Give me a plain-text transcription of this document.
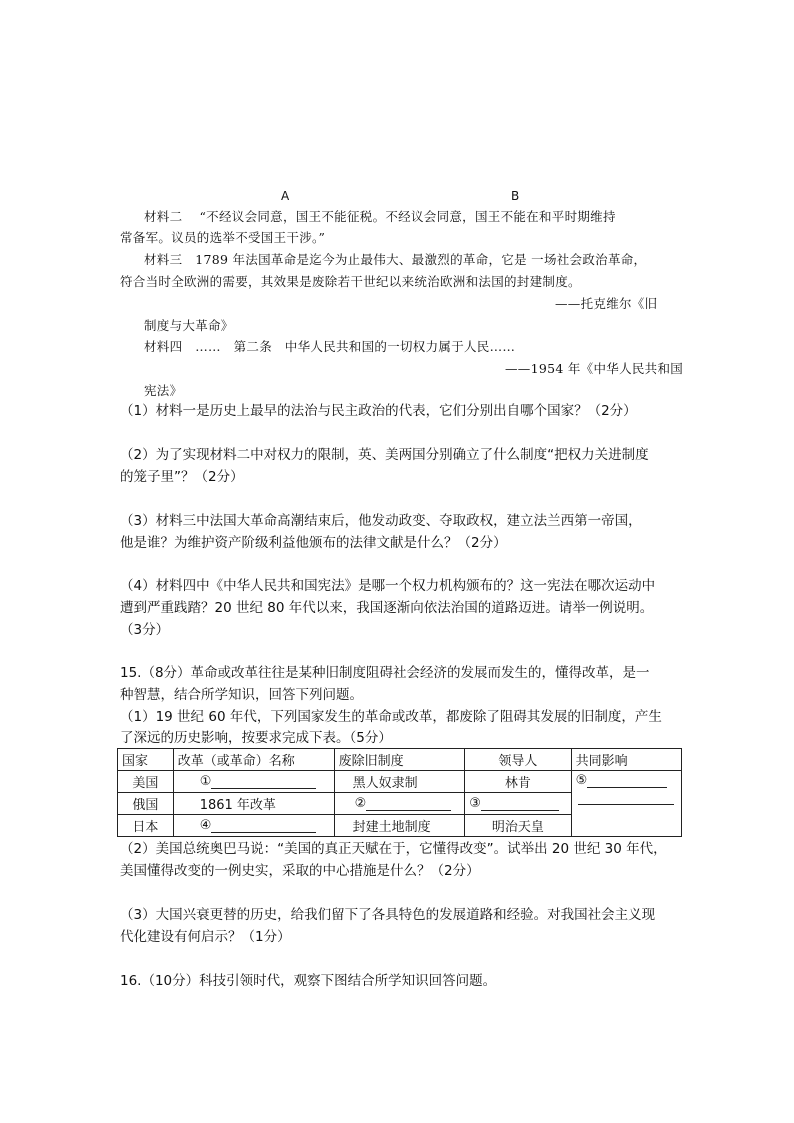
A	B
材料二　 “不经议会同意，国王不能征税。不经议会同意，国王不能在和平时期维持
常备军。议员的选举不受国王干涉。”
材料三　1789 年法国革命是迄今为止最伟大、最激烈的革命，它是 一场社会政治革命，
符合当时全欧洲的需要，其效果是废除若干世纪以来统治欧洲和法国的封建制度。
——托克维尔《旧
制度与大革命》
材料四　……　第二条　中华人民共和国的一切权力属于人民……
——1954 年《中华人民共和国
宪法》
（1）材料一是历史上最早的法治与民主政治的代表，它们分别出自哪个国家？（2分）
（2）为了实现材料二中对权力的限制，英、美两国分别确立了什么制度“把权力关进制度
的笼子里”？（2分）
（3）材料三中法国大革命高潮结束后，他发动政变、夺取政权，建立法兰西第一帝国，
他是谁？为维护资产阶级利益他颁布的法律文献是什么？（2分）
（4）材料四中《中华人民共和国宪法》是哪一个权力机构颁布的？这一宪法在哪次运动中
遭到严重践踏？20 世纪 80 年代以来，我国逐渐向依法治国的道路迈进。请举一例说明。
（3分）
15.（8分）革命或改革往往是某种旧制度阻碍社会经济的发展而发生的，懂得改革，是一
种智慧，结合所学知识，回答下列问题。
（1）19 世纪 60 年代，下列国家发生的革命或改革，都废除了阻碍其发展的旧制度，产生
了深远的历史影响，按要求完成下表。（5分）
国家	改革（或革命）名称	废除旧制度	领导人	共同影响
美国	①	黑人奴隶制	林肯	⑤

俄国	1861 年改革	②	③	
日本	④	封建土地制度	明治天皇	
（2）美国总统奥巴马说：“美国的真正天赋在于，它懂得改变”。试举出 20 世纪 30 年代，
美国懂得改变的一例史实，采取的中心措施是什么？（2分）
（3）大国兴衰更替的历史，给我们留下了各具特色的发展道路和经验。对我国社会主义现
代化建设有何启示？（1分）
16.（10分）科技引领时代，观察下图结合所学知识回答问题。
